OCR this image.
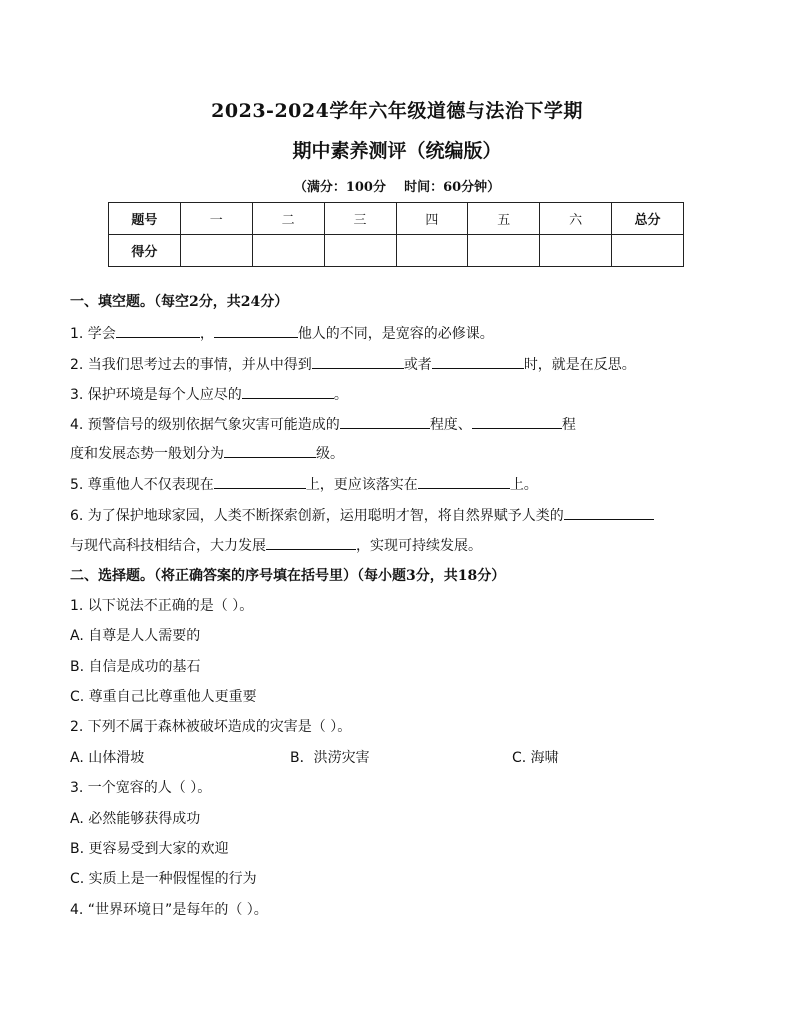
2023-2024学年六年级道德与法治下学期
期中素养测评（统编版）
（满分：100分    时间：60分钟）
题号	一	二	三	四	五	六	总分
得分							
一、填空题。（每空2分，共24分）
1. 学会	，	他人的不同，是宽容的必修课。
2. 当我们思考过去的事情，并从中得到	或者	时，就是在反思。
3. 保护环境是每个人应尽的	。
4. 预警信号的级别依据气象灾害可能造成的	程度、	程
度和发展态势一般划分为	级。
5. 尊重他人不仅表现在	上，更应该落实在	上。
6. 为了保护地球家园，人类不断探索创新，运用聪明才智，将自然界赋予人类的
与现代高科技相结合，大力发展	，实现可持续发展。
二、选择题。（将正确答案的序号填在括号里）（每小题3分，共18分）
1. 以下说法不正确的是（ ）。
A. 自尊是人人需要的
B. 自信是成功的基石
C. 尊重自己比尊重他人更重要
2. 下列不属于森林被破坏造成的灾害是（ ）。
A. 山体滑坡	B．洪涝灾害	C. 海啸
3. 一个宽容的人（ ）。
A. 必然能够获得成功
B. 更容易受到大家的欢迎
C. 实质上是一种假惺惺的行为
4. “世界环境日”是每年的（ ）。
